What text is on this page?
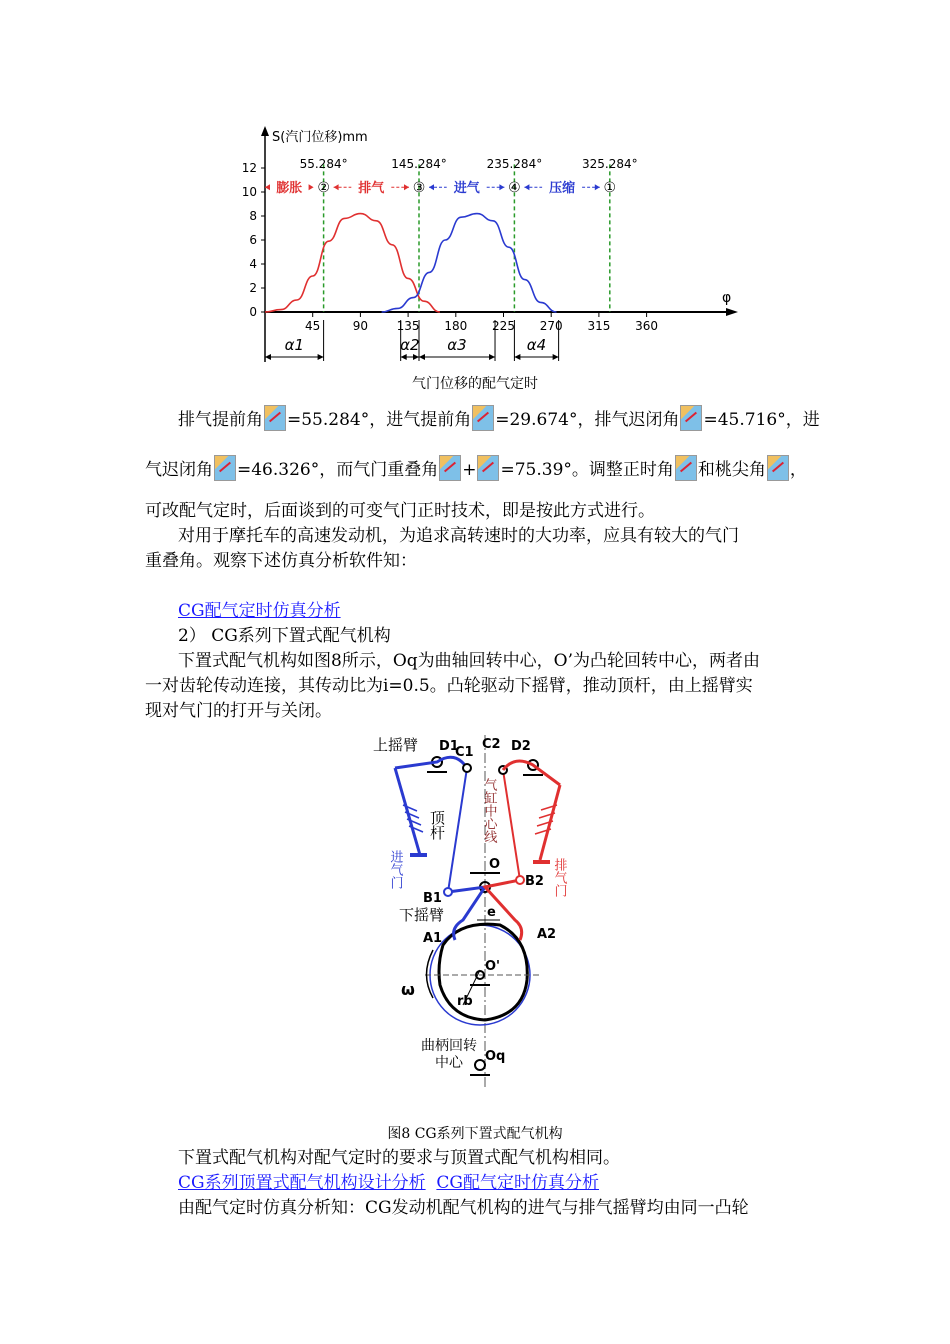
S(汽门位移)mm
φ
0
2
4
6
8
10
12
45	90 135 180 225 270 315 360
55.284°
②
145.284°
③
235.284°
④
325.284°
①
膨胀	排气	进气	压缩
α1	α2 α3	α4
气门位移的配气定时
排气提前角 =55.284°，进气提前角 =29.674°，排气迟闭角 =45.716°，进
气迟闭角 =46.326°，而气门重叠角 + =75.39°。调整正时角 和桃尖角 ，
可改配气定时，后面谈到的可变气门正时技术，即是按此方式进行。
对用于摩托车的高速发动机，为追求高转速时的大功率，应具有较大的气门
重叠角。观察下述仿真分析软件知：
CG配气定时仿真分析
2） CG系列下置式配气机构
下置式配气机构如图8所示，Oq为曲轴回转中心，O’为凸轮回转中心，两者由
一对齿轮传动连接，其传动比为i=0.5。凸轮驱动下摇臂，推动顶杆，由上摇臂实
现对气门的打开与关闭。
上摇臂 D1
C1
C2 D2
顶杆
进气门	排气门
气缸中心线
O
B1
B2
下摇臂	e
A1	A2
O'
ω
rb
Oq
曲柄回转中心
图8 CG系列下置式配气机构
下置式配气机构对配气定时的要求与顶置式配气机构相同。
CG系列顶置式配气机构设计分析 CG配气定时仿真分析
由配气定时仿真分析知：CG发动机配气机构的进气与排气摇臂均由同一凸轮
